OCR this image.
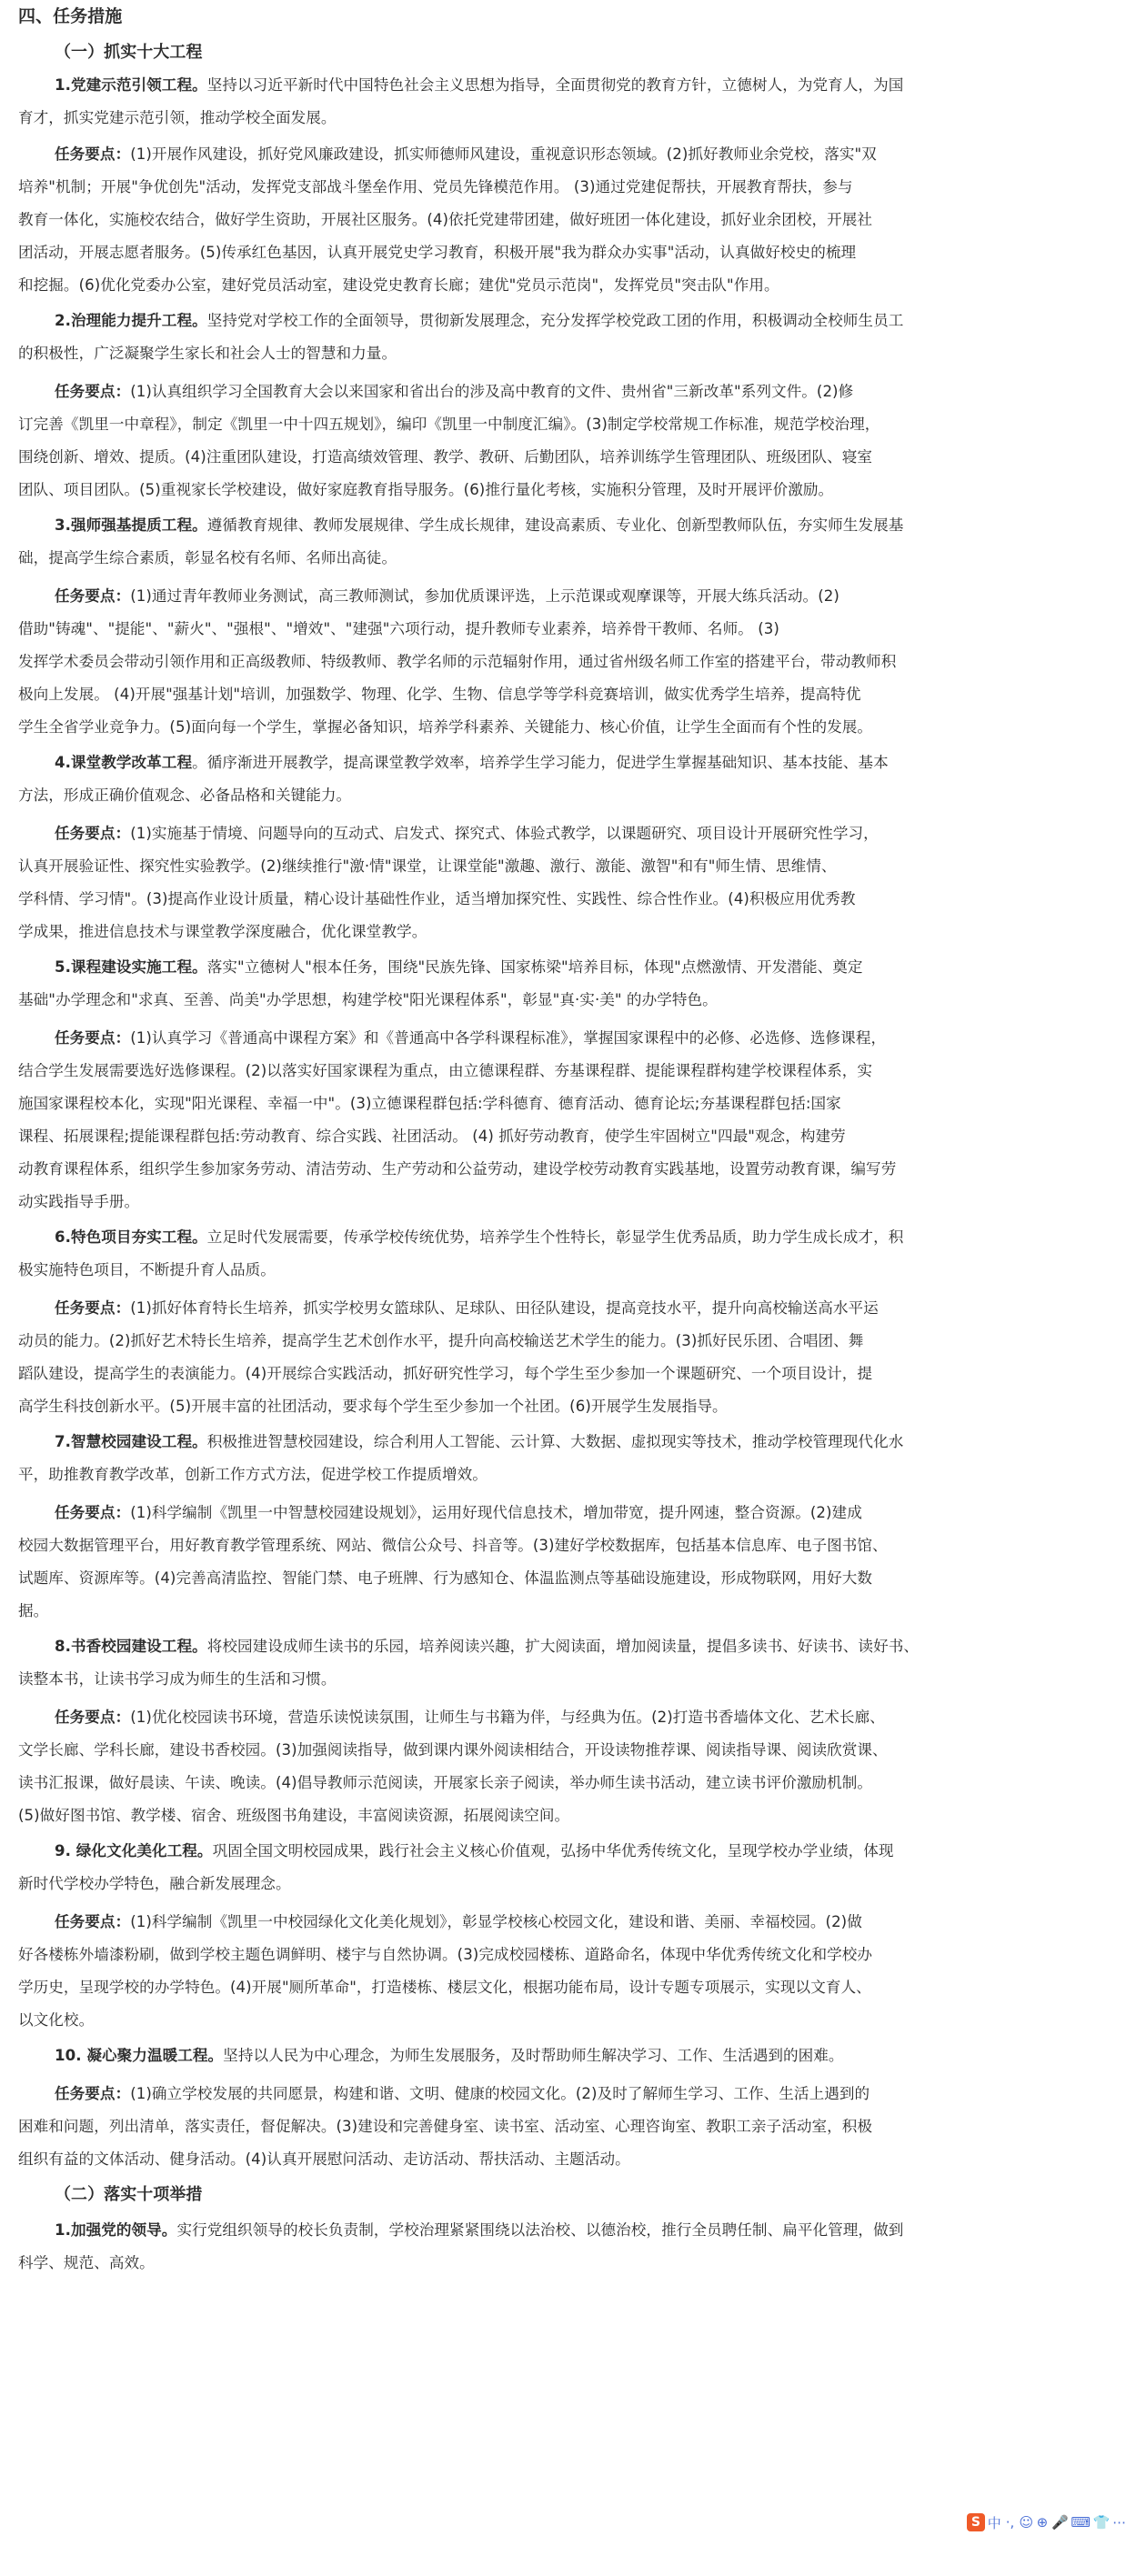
四、任务措施
（一）抓实十大工程
1.党建示范引领工程。坚持以习近平新时代中国特色社会主义思想为指导，全面贯彻党的教育方针，立德树人，为党育人，为国
育才，抓实党建示范引领，推动学校全面发展。
任务要点：(1)开展作风建设，抓好党风廉政建设，抓实师德师风建设，重视意识形态领域。(2)抓好教师业余党校，落实"双
培养"机制；开展"争优创先"活动，发挥党支部战斗堡垒作用、党员先锋模范作用。 (3)通过党建促帮扶，开展教育帮扶，参与
教育一体化，实施校农结合，做好学生资助，开展社区服务。(4)依托党建带团建，做好班团一体化建设，抓好业余团校，开展社
团活动，开展志愿者服务。(5)传承红色基因，认真开展党史学习教育，积极开展"我为群众办实事"活动，认真做好校史的梳理
和挖掘。(6)优化党委办公室，建好党员活动室，建设党史教育长廊；建优"党员示范岗"，发挥党员"突击队"作用。
2.治理能力提升工程。坚持党对学校工作的全面领导，贯彻新发展理念，充分发挥学校党政工团的作用，积极调动全校师生员工
的积极性，广泛凝聚学生家长和社会人士的智慧和力量。
任务要点：(1)认真组织学习全国教育大会以来国家和省出台的涉及高中教育的文件、贵州省"三新改革"系列文件。(2)修
订完善《凯里一中章程》，制定《凯里一中十四五规划》，编印《凯里一中制度汇编》。(3)制定学校常规工作标准，规范学校治理，
围绕创新、增效、提质。(4)注重团队建设，打造高绩效管理、教学、教研、后勤团队，培养训练学生管理团队、班级团队、寝室
团队、项目团队。(5)重视家长学校建设，做好家庭教育指导服务。(6)推行量化考核，实施积分管理，及时开展评价激励。
3.强师强基提质工程。遵循教育规律、教师发展规律、学生成长规律，建设高素质、专业化、创新型教师队伍，夯实师生发展基
础，提高学生综合素质，彰显名校有名师、名师出高徒。
任务要点：(1)通过青年教师业务测试，高三教师测试，参加优质课评选，上示范课或观摩课等，开展大练兵活动。(2)
借助"铸魂"、"提能"、"薪火"、"强根"、"增效"、"建强"六项行动，提升教师专业素养，培养骨干教师、名师。 (3)
发挥学术委员会带动引领作用和正高级教师、特级教师、教学名师的示范辐射作用，通过省州级名师工作室的搭建平台，带动教师积
极向上发展。 (4)开展"强基计划"培训，加强数学、物理、化学、生物、信息学等学科竞赛培训，做实优秀学生培养，提高特优
学生全省学业竞争力。(5)面向每一个学生，掌握必备知识，培养学科素养、关键能力、核心价值，让学生全面而有个性的发展。
4.课堂教学改革工程。循序渐进开展教学，提高课堂教学效率，培养学生学习能力，促进学生掌握基础知识、基本技能、基本
方法，形成正确价值观念、必备品格和关键能力。
任务要点：(1)实施基于情境、问题导向的互动式、启发式、探究式、体验式教学，以课题研究、项目设计开展研究性学习，
认真开展验证性、探究性实验教学。(2)继续推行"激·情"课堂，让课堂能"激趣、激行、激能、激智"和有"师生情、思维情、
学科情、学习情"。(3)提高作业设计质量，精心设计基础性作业，适当增加探究性、实践性、综合性作业。(4)积极应用优秀教
学成果，推进信息技术与课堂教学深度融合，优化课堂教学。
5.课程建设实施工程。落实"立德树人"根本任务，围绕"民族先锋、国家栋梁"培养目标，体现"点燃激情、开发潜能、奠定
基础"办学理念和"求真、至善、尚美"办学思想，构建学校"阳光课程体系"，彰显"真·实·美" 的办学特色。
任务要点：(1)认真学习《普通高中课程方案》和《普通高中各学科课程标准》，掌握国家课程中的必修、必选修、选修课程，
结合学生发展需要选好选修课程。(2)以落实好国家课程为重点，由立德课程群、夯基课程群、提能课程群构建学校课程体系，实
施国家课程校本化，实现"阳光课程、幸福一中"。(3)立德课程群包括:学科德育、德育活动、德育论坛;夯基课程群包括:国家
课程、拓展课程;提能课程群包括:劳动教育、综合实践、社团活动。 (4) 抓好劳动教育，使学生牢固树立"四最"观念，构建劳
动教育课程体系，组织学生参加家务劳动、清洁劳动、生产劳动和公益劳动，建设学校劳动教育实践基地，设置劳动教育课，编写劳
动实践指导手册。
6.特色项目夯实工程。立足时代发展需要，传承学校传统优势，培养学生个性特长，彰显学生优秀品质，助力学生成长成才，积
极实施特色项目，不断提升育人品质。
任务要点：(1)抓好体育特长生培养，抓实学校男女篮球队、足球队、田径队建设，提高竞技水平，提升向高校输送高水平运
动员的能力。(2)抓好艺术特长生培养，提高学生艺术创作水平，提升向高校输送艺术学生的能力。(3)抓好民乐团、合唱团、舞
蹈队建设，提高学生的表演能力。(4)开展综合实践活动，抓好研究性学习，每个学生至少参加一个课题研究、一个项目设计，提
高学生科技创新水平。(5)开展丰富的社团活动，要求每个学生至少参加一个社团。(6)开展学生发展指导。
7.智慧校园建设工程。积极推进智慧校园建设，综合利用人工智能、云计算、大数据、虚拟现实等技术，推动学校管理现代化水
平，助推教育教学改革，创新工作方式方法，促进学校工作提质增效。
任务要点：(1)科学编制《凯里一中智慧校园建设规划》，运用好现代信息技术，增加带宽，提升网速，整合资源。(2)建成
校园大数据管理平台，用好教育教学管理系统、网站、微信公众号、抖音等。(3)建好学校数据库，包括基本信息库、电子图书馆、
试题库、资源库等。(4)完善高清监控、智能门禁、电子班牌、行为感知仓、体温监测点等基础设施建设，形成物联网，用好大数
据。
8.书香校园建设工程。将校园建设成师生读书的乐园，培养阅读兴趣，扩大阅读面，增加阅读量，提倡多读书、好读书、读好书、
读整本书，让读书学习成为师生的生活和习惯。
任务要点：(1)优化校园读书环境，营造乐读悦读氛围，让师生与书籍为伴，与经典为伍。(2)打造书香墙体文化、艺术长廊、
文学长廊、学科长廊，建设书香校园。(3)加强阅读指导，做到课内课外阅读相结合，开设读物推荐课、阅读指导课、阅读欣赏课、
读书汇报课，做好晨读、午读、晚读。(4)倡导教师示范阅读，开展家长亲子阅读，举办师生读书活动，建立读书评价激励机制。
(5)做好图书馆、教学楼、宿舍、班级图书角建设，丰富阅读资源，拓展阅读空间。
9. 绿化文化美化工程。巩固全国文明校园成果，践行社会主义核心价值观，弘扬中华优秀传统文化，呈现学校办学业绩，体现
新时代学校办学特色，融合新发展理念。
任务要点：(1)科学编制《凯里一中校园绿化文化美化规划》，彰显学校核心校园文化，建设和谐、美丽、幸福校园。(2)做
好各楼栋外墙漆粉刷，做到学校主题色调鲜明、楼宇与自然协调。(3)完成校园楼栋、道路命名，体现中华优秀传统文化和学校办
学历史，呈现学校的办学特色。(4)开展"厕所革命"，打造楼栋、楼层文化，根据功能布局，设计专题专项展示，实现以文育人、
以文化校。
10. 凝心聚力温暖工程。坚持以人民为中心理念，为师生发展服务，及时帮助师生解决学习、工作、生活遇到的困难。
任务要点：(1)确立学校发展的共同愿景，构建和谐、文明、健康的校园文化。(2)及时了解师生学习、工作、生活上遇到的
困难和问题，列出清单，落实责任，督促解决。(3)建设和完善健身室、读书室、活动室、心理咨询室、教职工亲子活动室，积极
组织有益的文体活动、健身活动。(4)认真开展慰问活动、走访活动、帮扶活动、主题活动。
（二）落实十项举措
1.加强党的领导。实行党组织领导的校长负责制，学校治理紧紧围绕以法治校、以德治校，推行全员聘任制、扁平化管理，做到
科学、规范、高效。
S 中 ·, ☺ ⊕ 🎤 ⌨ 👕 ⋯
